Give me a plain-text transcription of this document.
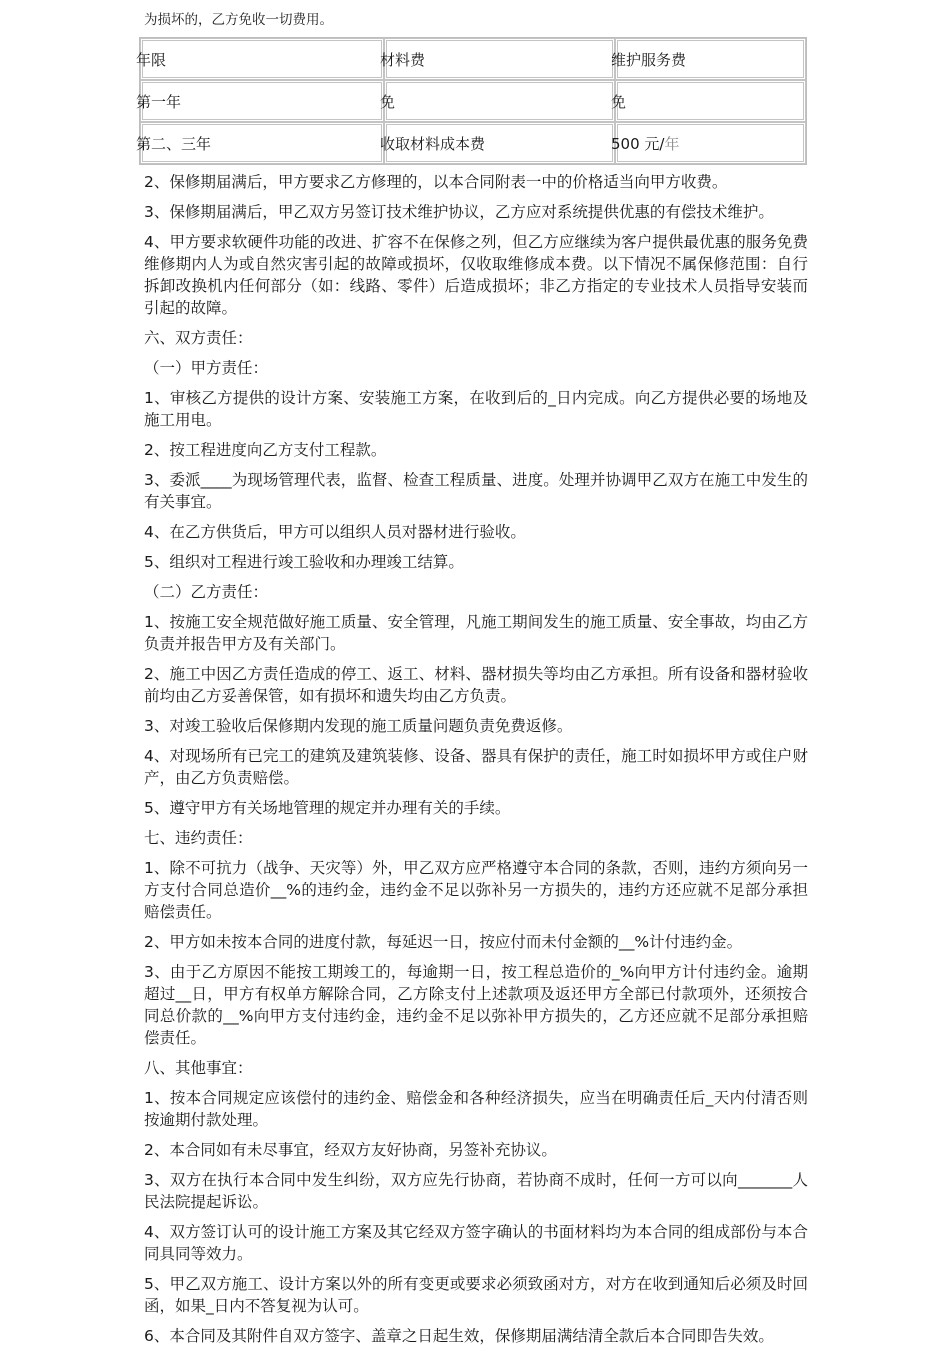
为损坏的，乙方免收一切费用。

年限	材料费	维护服务费
第一年	免	免
第二、三年	收取材料成本费	500 元/年

2、保修期届满后，甲方要求乙方修理的，以本合同附表一中的价格适当向甲方收费。

3、保修期届满后，甲乙双方另签订技术维护协议，乙方应对系统提供优惠的有偿技术维护。

4、甲方要求软硬件功能的改进、扩容不在保修之列，但乙方应继续为客户提供最优惠的服务免费维修期内人为或自然灾害引起的故障或损坏，仅收取维修成本费。以下情况不属保修范围：自行拆卸改换机内任何部分（如：线路、零件）后造成损坏；非乙方指定的专业技术人员指导安装而引起的故障。

六、双方责任：

（一）甲方责任：

1、审核乙方提供的设计方案、安装施工方案，在收到后的_日内完成。向乙方提供必要的场地及施工用电。

2、按工程进度向乙方支付工程款。

3、委派____为现场管理代表，监督、检查工程质量、进度。处理并协调甲乙双方在施工中发生的有关事宜。

4、在乙方供货后，甲方可以组织人员对器材进行验收。

5、组织对工程进行竣工验收和办理竣工结算。

（二）乙方责任：

1、按施工安全规范做好施工质量、安全管理，凡施工期间发生的施工质量、安全事故，均由乙方负责并报告甲方及有关部门。

2、施工中因乙方责任造成的停工、返工、材料、器材损失等均由乙方承担。所有设备和器材验收前均由乙方妥善保管，如有损坏和遗失均由乙方负责。

3、对竣工验收后保修期内发现的施工质量问题负责免费返修。

4、对现场所有已完工的建筑及建筑装修、设备、器具有保护的责任，施工时如损坏甲方或住户财产，由乙方负责赔偿。

5、遵守甲方有关场地管理的规定并办理有关的手续。

七、违约责任：

1、除不可抗力（战争、天灾等）外，甲乙双方应严格遵守本合同的条款，否则，违约方须向另一方支付合同总造价__%的违约金，违约金不足以弥补另一方损失的，违约方还应就不足部分承担赔偿责任。

2、甲方如未按本合同的进度付款，每延迟一日，按应付而未付金额的__%计付违约金。

3、由于乙方原因不能按工期竣工的，每逾期一日，按工程总造价的_%向甲方计付违约金。逾期超过__日，甲方有权单方解除合同，乙方除支付上述款项及返还甲方全部已付款项外，还须按合同总价款的__%向甲方支付违约金，违约金不足以弥补甲方损失的，乙方还应就不足部分承担赔偿责任。

八、其他事宜：

1、按本合同规定应该偿付的违约金、赔偿金和各种经济损失，应当在明确责任后_天内付清否则按逾期付款处理。

2、本合同如有未尽事宜，经双方友好协商，另签补充协议。

3、双方在执行本合同中发生纠纷，双方应先行协商，若协商不成时，任何一方可以向_______人民法院提起诉讼。

4、双方签订认可的设计施工方案及其它经双方签字确认的书面材料均为本合同的组成部份与本合同具同等效力。

5、甲乙双方施工、设计方案以外的所有变更或要求必须致函对方，对方在收到通知后必须及时回函，如果_日内不答复视为认可。

6、本合同及其附件自双方签字、盖章之日起生效，保修期届满结清全款后本合同即告失效。
